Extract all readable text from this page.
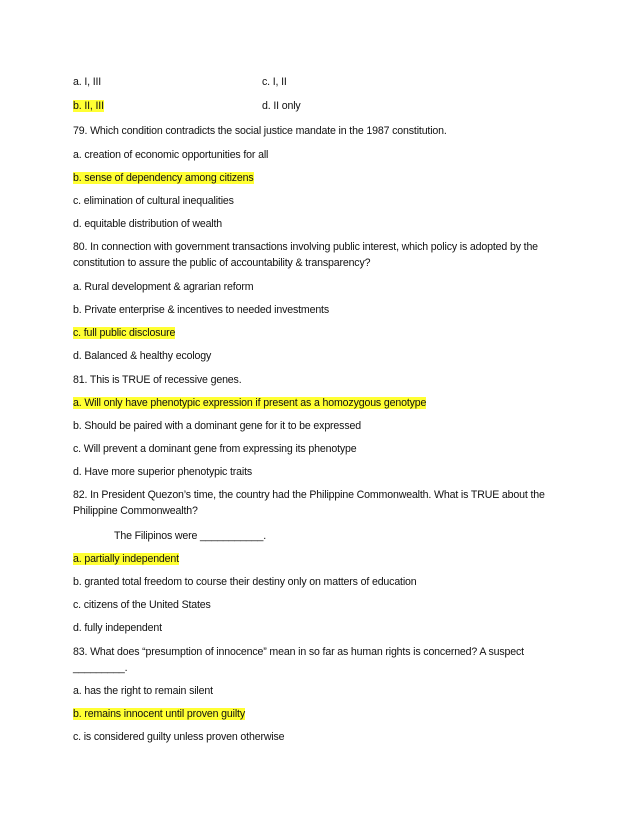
a. I, III	c. I, II
b. II, III	d. II only
79. Which condition contradicts the social justice mandate in the 1987 constitution.
a. creation of economic opportunities for all
b. sense of dependency among citizens
c. elimination of cultural inequalities
d. equitable distribution of wealth
80. In connection with government transactions involving public interest, which policy is adopted by the
constitution to assure the public of accountability & transparency?
a. Rural development & agrarian reform
b. Private enterprise & incentives to needed investments
c. full public disclosure
d. Balanced & healthy ecology
81. This is TRUE of recessive genes.
a. Will only have phenotypic expression if present as a homozygous genotype
b. Should be paired with a dominant gene for it to be expressed
c. Will prevent a dominant gene from expressing its phenotype
d. Have more superior phenotypic traits
82. In President Quezon’s time, the country had the Philippine Commonwealth. What is TRUE about the
Philippine Commonwealth?
The Filipinos were ___________.
a. partially independent
b. granted total freedom to course their destiny only on matters of education
c. citizens of the United States
d. fully independent
83. What does “presumption of innocence” mean in so far as human rights is concerned? A suspect
_________.
a. has the right to remain silent
b. remains innocent until proven guilty
c. is considered guilty unless proven otherwise
